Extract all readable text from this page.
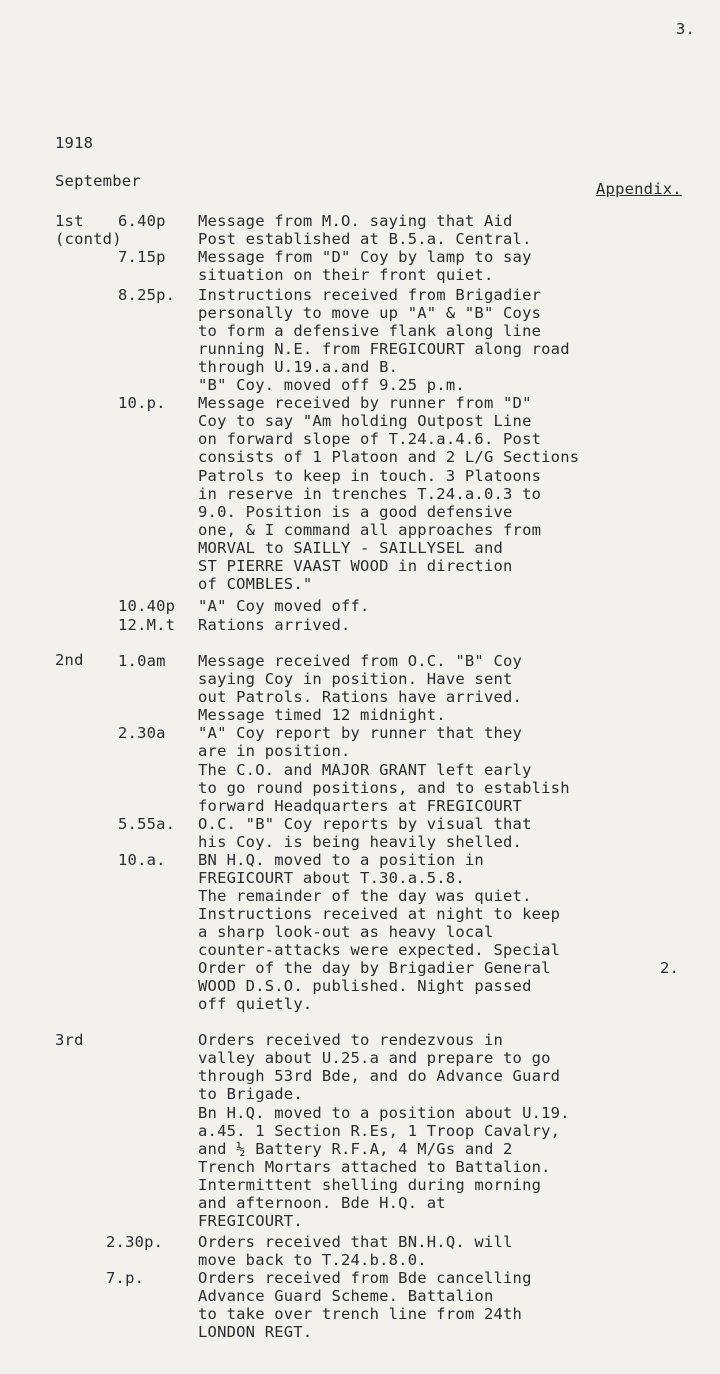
3.
1918
September	Appendix.
1st
(contd)
2nd
3rd
6.40p
7.15p
8.25p.
10.p.
10.40p
12.M.t
1.0am
2.30a
5.55a.
10.a.
2.30p.
7.p.
Message from M.O. saying that Aid
Post established at B.5.a. Central.
Message from "D" Coy by lamp to say
situation on their front quiet.
Instructions received from Brigadier
personally to move up "A" & "B" Coys
to form a defensive flank along line
running N.E. from FREGICOURT along road
through U.19.a.and B.
"B" Coy. moved off 9.25 p.m.
Message received by runner from "D"
Coy to say "Am holding Outpost Line
on forward slope of T.24.a.4.6. Post
consists of 1 Platoon and 2 L/G Sections
Patrols to keep in touch. 3 Platoons
in reserve in trenches T.24.a.0.3 to
9.0. Position is a good defensive
one, & I command all approaches from
MORVAL to SAILLY - SAILLYSEL and
ST PIERRE VAAST WOOD in direction
of COMBLES."
"A" Coy moved off.
Rations arrived.
Message received from O.C. "B" Coy
saying Coy in position. Have sent
out Patrols. Rations have arrived.
Message timed 12 midnight.
"A" Coy report by runner that they
are in position.
The C.O. and MAJOR GRANT left early
to go round positions, and to establish
forward Headquarters at FREGICOURT
O.C. "B" Coy reports by visual that
his Coy. is being heavily shelled.
BN H.Q. moved to a position in
FREGICOURT about T.30.a.5.8.
The remainder of the day was quiet.
Instructions received at night to keep
a sharp look-out as heavy local
counter-attacks were expected. Special
Order of the day by Brigadier General
WOOD D.S.O. published. Night passed
off quietly.
2.
Orders received to rendezvous in
valley about U.25.a and prepare to go
through 53rd Bde, and do Advance Guard
to Brigade.
Bn H.Q. moved to a position about U.19.
a.45. 1 Section R.Es, 1 Troop Cavalry,
and ½ Battery R.F.A, 4 M/Gs and 2
Trench Mortars attached to Battalion.
Intermittent shelling during morning
and afternoon. Bde H.Q. at
FREGICOURT.
Orders received that BN.H.Q. will
move back to T.24.b.8.0.
Orders received from Bde cancelling
Advance Guard Scheme. Battalion
to take over trench line from 24th
LONDON REGT.
